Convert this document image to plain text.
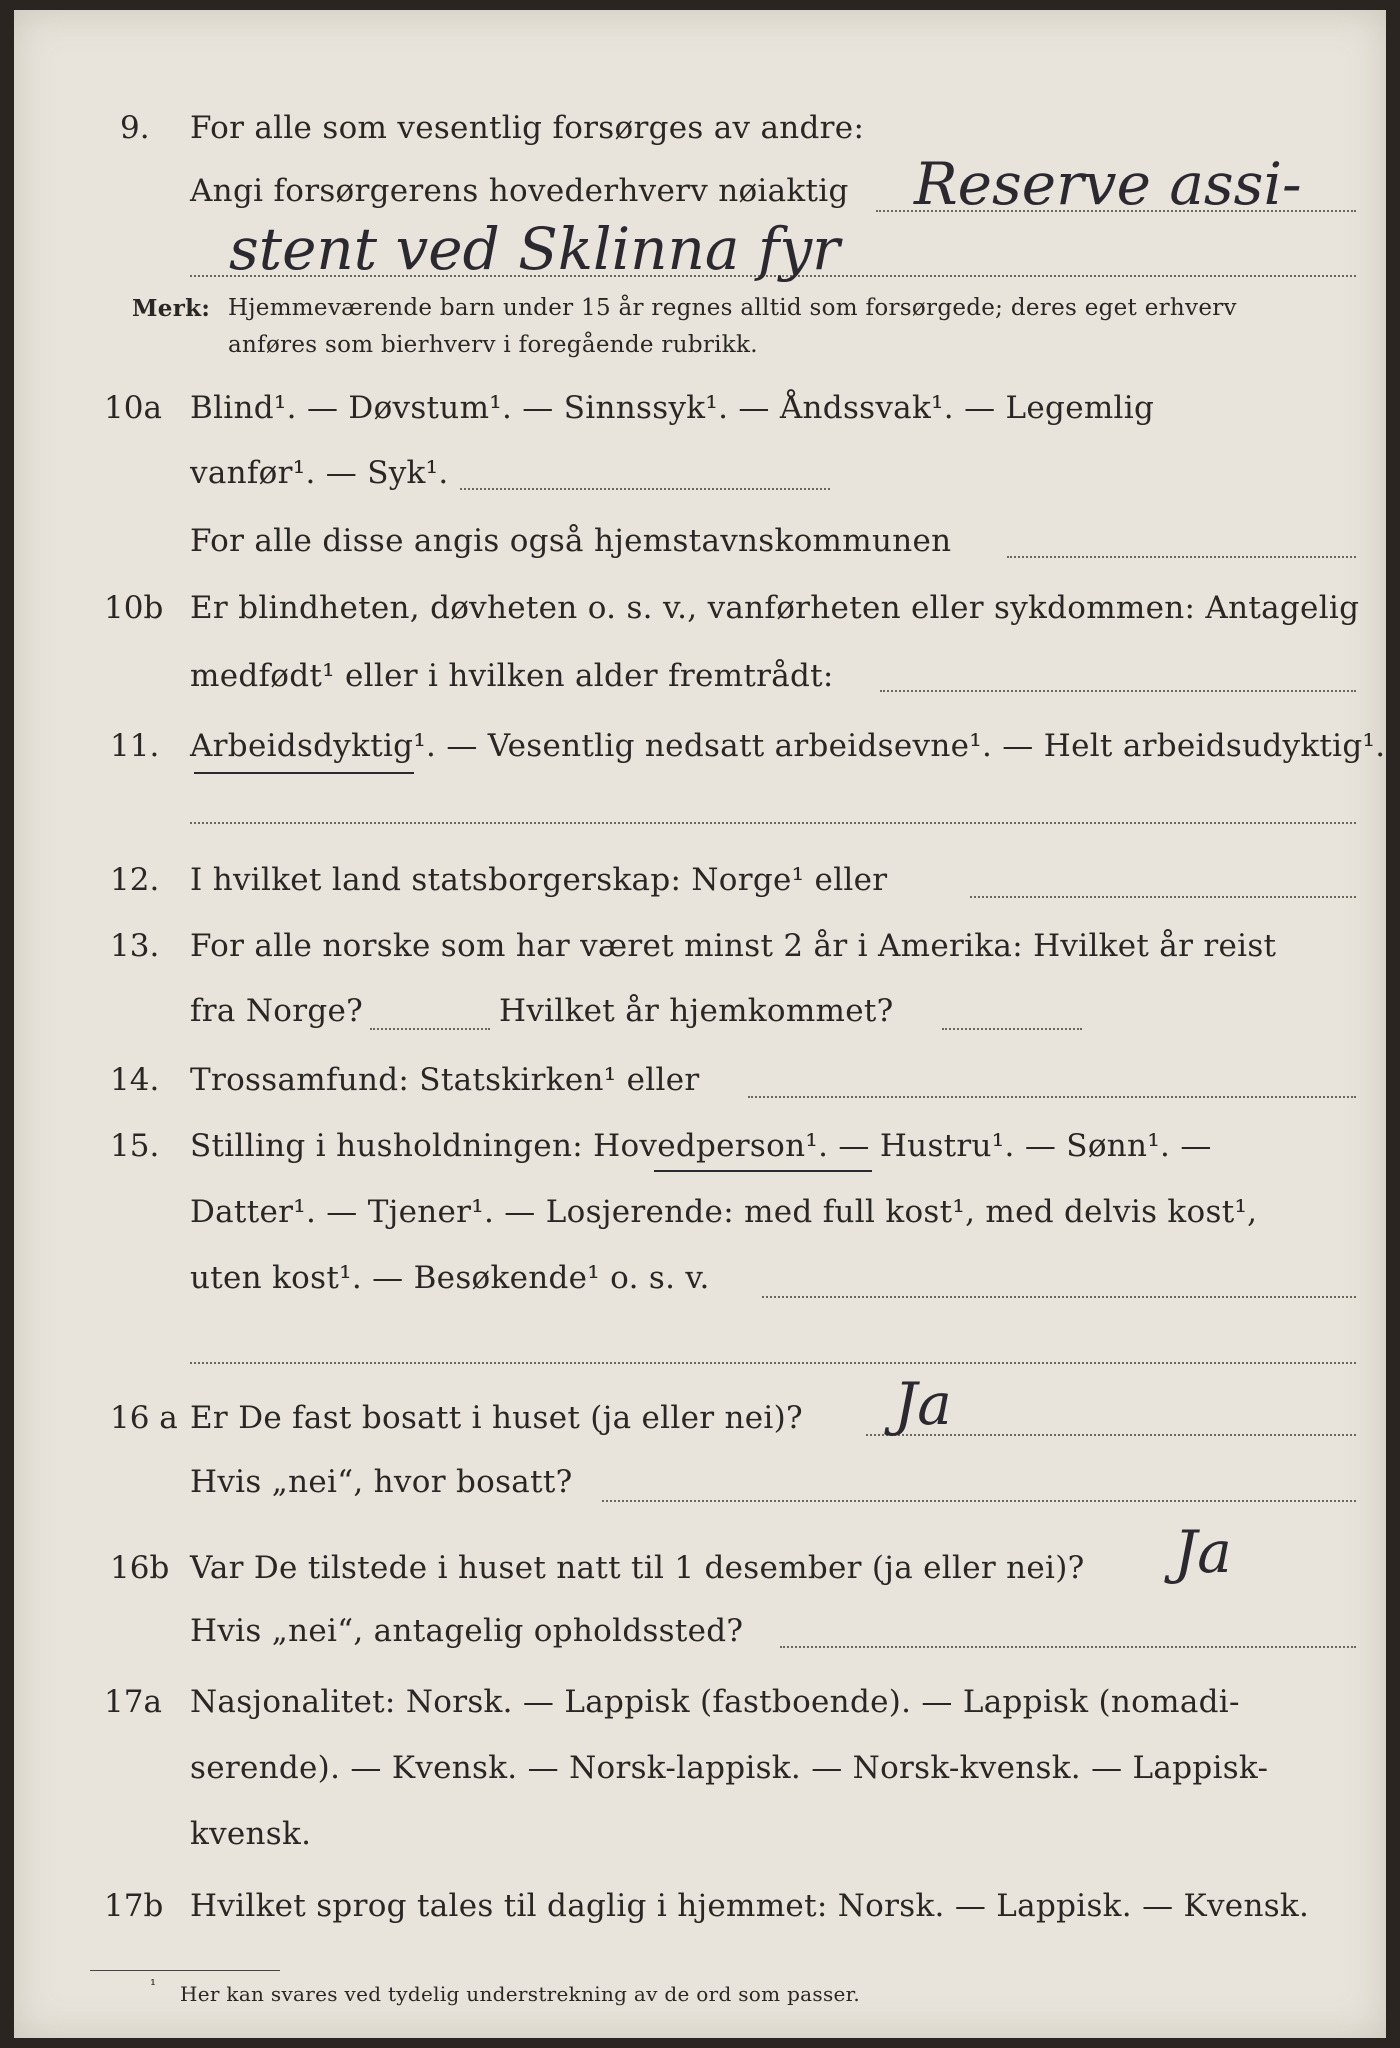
9. For alle som vesentlig forsørges av andre:
Angi forsørgerens hovederhverv nøiaktig Reserve assi-
stent ved Sklinna fyr
Merk: Hjemmeværende barn under 15 år regnes alltid som forsørgede; deres eget erhverv
anføres som bierhverv i foregående rubrikk.
10a Blind¹. — Døvstum¹. — Sinnssyk¹. — Åndssvak¹. — Legemlig
vanfør¹. — Syk¹.
For alle disse angis også hjemstavnskommunen
10b Er blindheten, døvheten o. s. v., vanførheten eller sykdommen: Antagelig
medfødt¹ eller i hvilken alder fremtrådt:
11. Arbeidsdyktig¹. — Vesentlig nedsatt arbeidsevne¹. — Helt arbeidsudyktig¹.
12. I hvilket land statsborgerskap: Norge¹ eller
13. For alle norske som har været minst 2 år i Amerika: Hvilket år reist
fra Norge?	Hvilket år hjemkommet?
14. Trossamfund: Statskirken¹ eller
15. Stilling i husholdningen: Hovedperson¹. — Hustru¹. — Sønn¹. —
Datter¹. — Tjener¹. — Losjerende: med full kost¹, med delvis kost¹,
uten kost¹. — Besøkende¹ o. s. v.
16 a Er De fast bosatt i huset (ja eller nei)? Ja
Hvis „nei“, hvor bosatt?
16b Var De tilstede i huset natt til 1 desember (ja eller nei)? Ja
Hvis „nei“, antagelig opholdssted?
17a Nasjonalitet: Norsk. — Lappisk (fastboende). — Lappisk (nomadi-
serende). — Kvensk. — Norsk-lappisk. — Norsk-kvensk. — Lappisk-
kvensk.
17b Hvilket sprog tales til daglig i hjemmet: Norsk. — Lappisk. — Kvensk.
¹ Her kan svares ved tydelig understrekning av de ord som passer.
